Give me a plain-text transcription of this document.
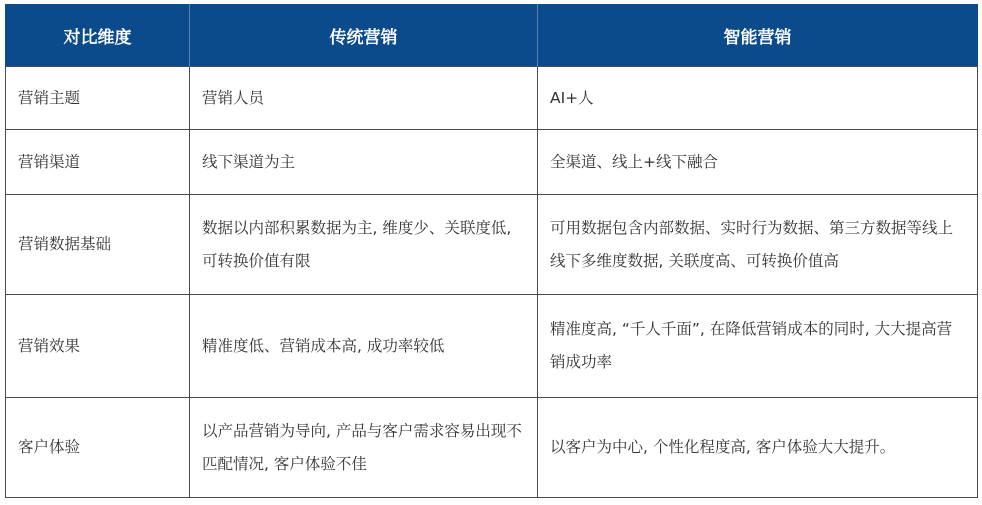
对比维度	传统营销	智能营销
营销主题	营销人员	AI+人
营销渠道	线下渠道为主	全渠道、线上+线下融合
营销数据基础	数据以内部积累数据为主, 维度少、关联度低, 可转换价值有限	可用数据包含内部数据、实时行为数据、第三方数据等线上线下多维度数据, 关联度高、可转换价值高
营销效果	精准度低、营销成本高, 成功率较低	精准度高, “千人千面”, 在降低营销成本的同时, 大大提高营销成功率
客户体验	以产品营销为导向, 产品与客户需求容易出现不匹配情况, 客户体验不佳	以客户为中心, 个性化程度高, 客户体验大大提升。
